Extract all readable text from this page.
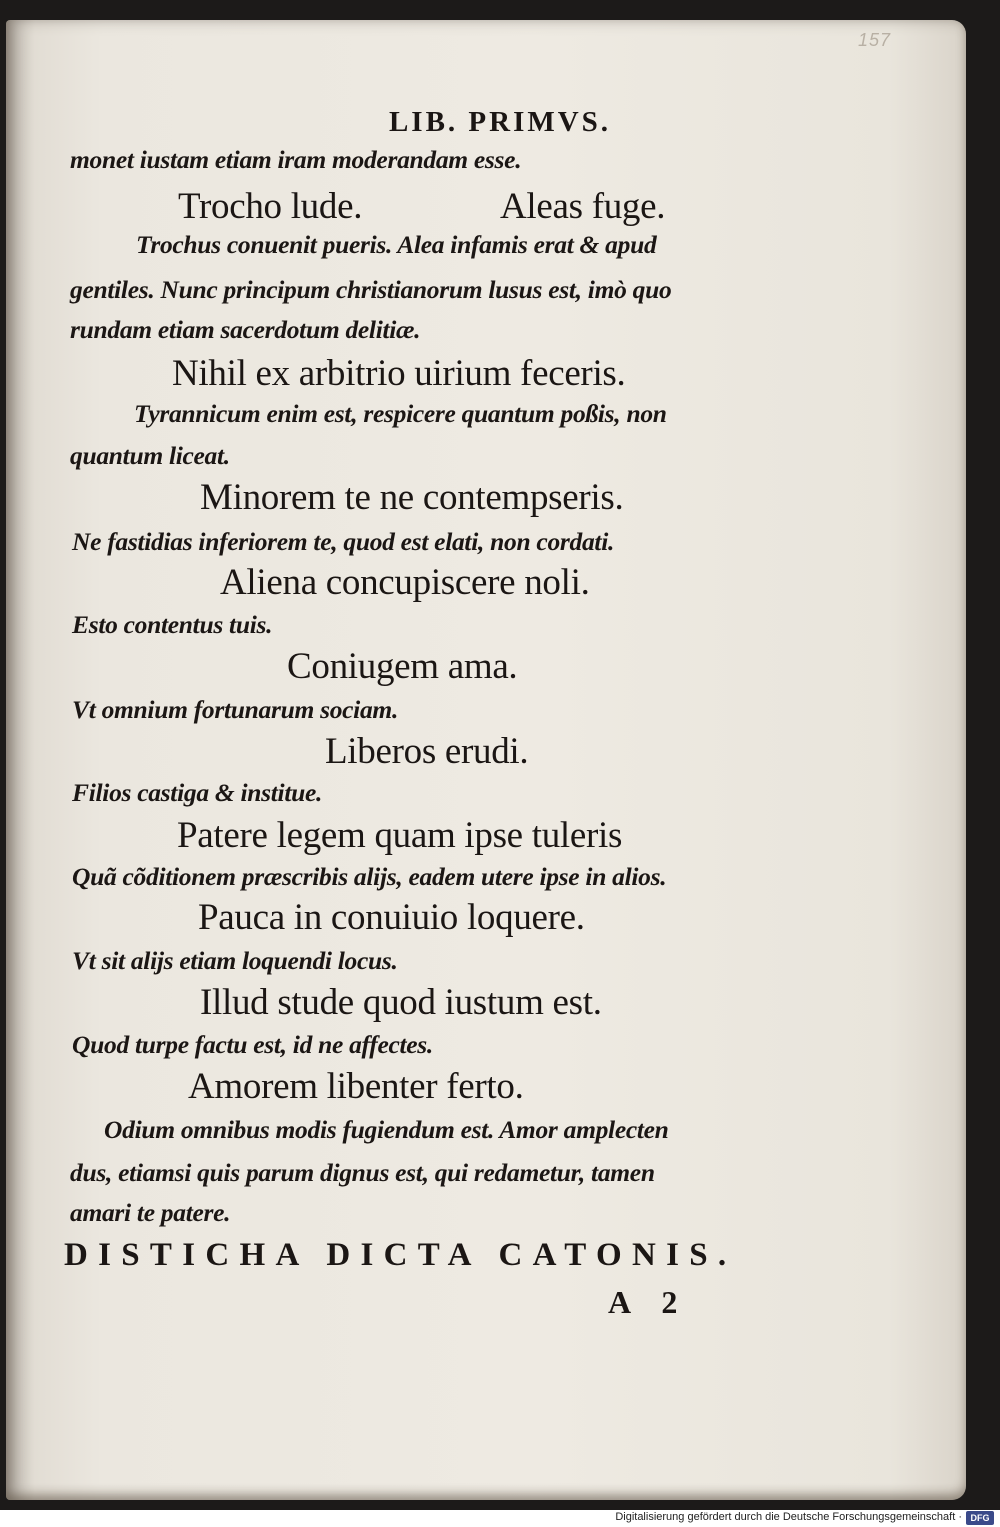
157
LIB. PRIMVS.
monet iustam etiam iram moderandam esse.
Trocho lude.	Aleas fuge.
Trochus conuenit pueris. Alea infamis erat & apud
gentiles. Nunc principum christianorum lusus est, imò quo
rundam etiam sacerdotum delitiæ.
Nihil ex arbitrio uirium feceris.
Tyrannicum enim est, respicere quantum poßis, non
quantum liceat.
Minorem te ne contempseris.
Ne fastidias inferiorem te, quod est elati, non cordati.
Aliena concupiscere noli.
Esto contentus tuis.
Coniugem ama.
Vt omnium fortunarum sociam.
Liberos erudi.
Filios castiga & institue.
Patere legem quam ipse tuleris
Quã cõditionem præscribis alijs, eadem utere ipse in alios.
Pauca in conuiuio loquere.
Vt sit alijs etiam loquendi locus.
Illud stude quod iustum est.
Quod turpe factu est, id ne affectes.
Amorem libenter ferto.
Odium omnibus modis fugiendum est. Amor amplecten
dus, etiamsi quis parum dignus est, qui redametur, tamen
amari te patere.
DISTICHA DICTA CATONIS.
A 2
Digitalisierung gefördert durch die Deutsche Forschungsgemeinschaft · DFG
